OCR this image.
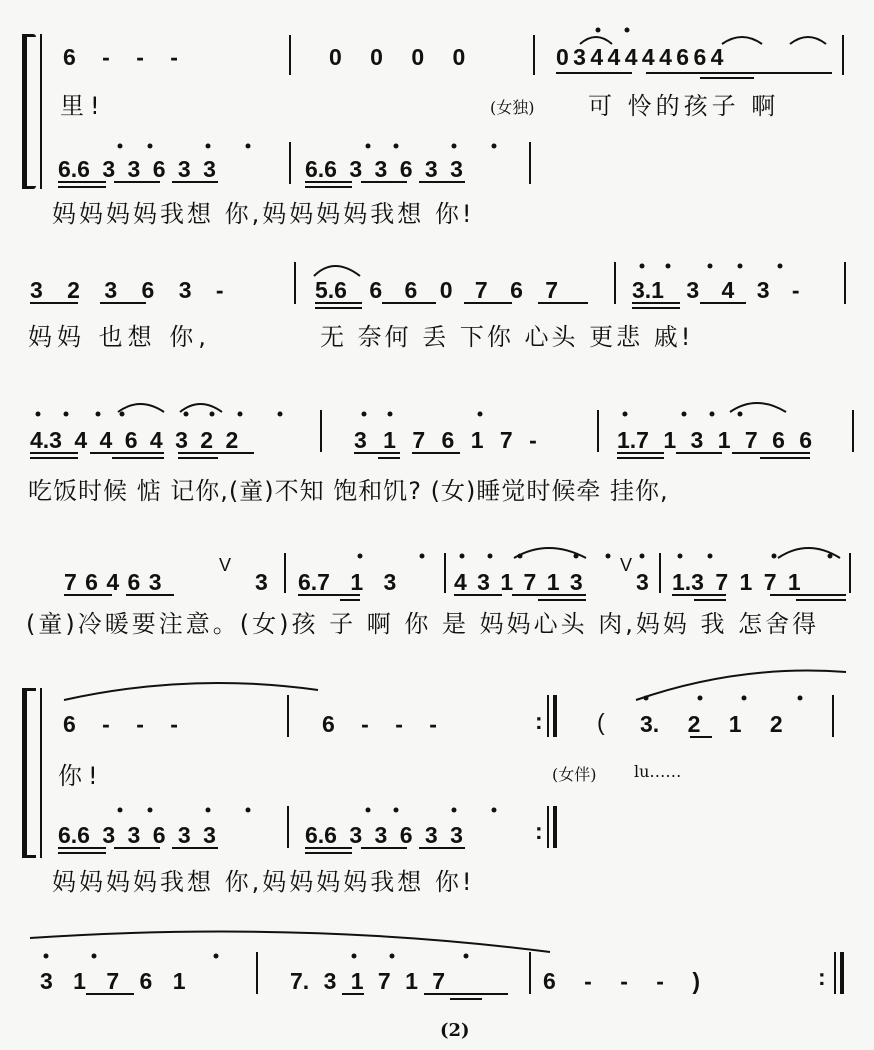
6 - - -	0 0 0 0	0 3 4 4 4 4 4 6 6 4
里!	(女独) 可 怜的孩子 啊
6.6 3 3 6 3 3	6.6 3 3 6 3 3
妈妈妈妈我想 你,妈妈妈妈我想 你!
3 2 3 6 3 -	5.6 6 6 0 7 6 7	3.1 3 4 3 -
妈妈 也想 你,	无 奈何 丢 下你 心头 更悲 戚!
4.3 4 4 6 4 3 2 2	3 1 7 6 1 7 -	1.7 1 3 1 7 6 6
吃饭时候 惦 记你,(童)不知 饱和饥? (女)睡觉时候牵 挂你,
7 6 4 6 3
V
3 6.7 1 3	4 3 1 7 1 3
V
3 1.3 7 1 7 1
(童)冷暖要注意。(女)孩 子 啊 你 是 妈妈心头 肉,妈妈 我 怎舍得
6 - - -	6 - - -	: ( 3. 2 1 2
你!	(女伴) lu……
6.6 3 3 6 3 3	6.6 3 3 6 3 3	:
妈妈妈妈我想 你,妈妈妈妈我想 你!
3 1 7 6 1	7. 3 1 7 1 7	6 - - - )	:
(2)
